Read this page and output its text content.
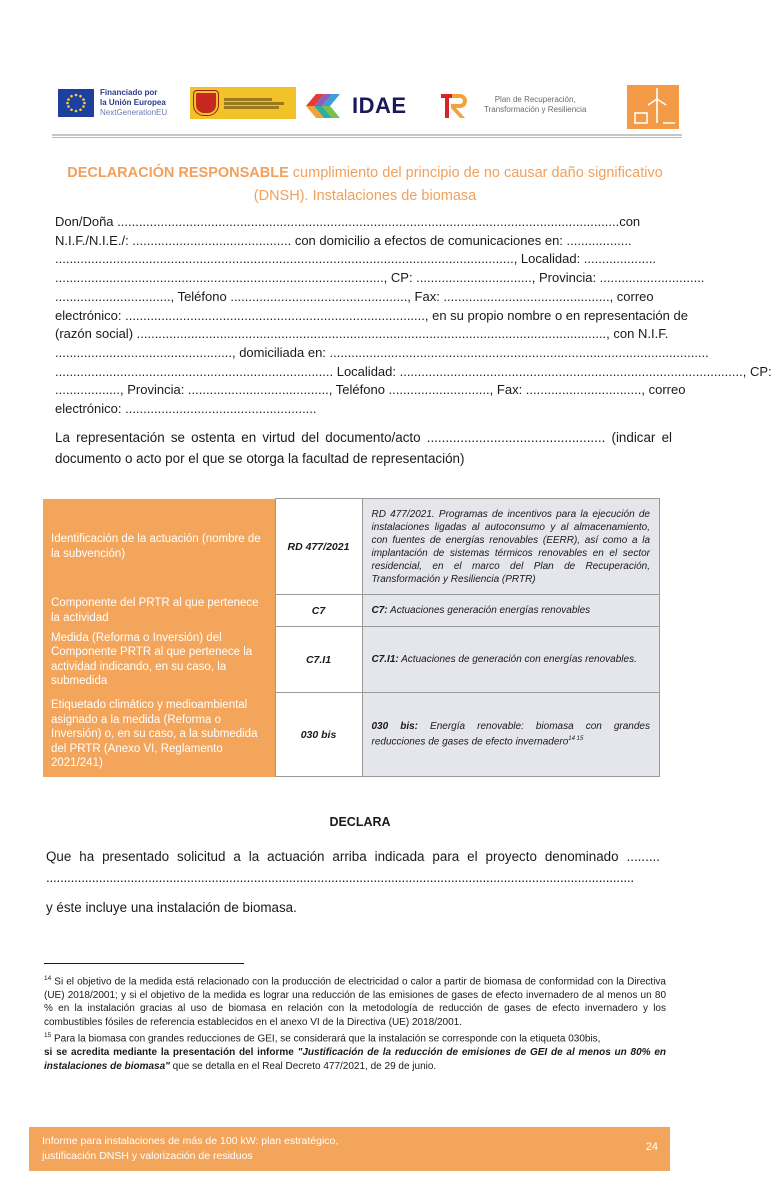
Financiado por
la Unión Europea
NextGenerationEU	IDAE	Plan de Recuperación,
Transformación y Resiliencia
DECLARACIÓN RESPONSABLE cumplimiento del principio de no causar daño significativo
(DNSH). Instalaciones de biomasa
Don/Doña ...........................................................................................................................................con
N.I.F./N.I.E./: ............................................ con domicilio a efectos de comunicaciones en: ..................
..............................................................................................................................., Localidad: ....................
..........................................................................................., CP: ................................, Provincia: .............................
................................, Teléfono ................................................., Fax: .............................................., correo
electrónico: ..................................................................................., en su propio nombre o en representación de
(razón social) .................................................................................................................................., con N.I.F.
................................................., domiciliada en: .........................................................................................................
............................................................................. Localidad: ..............................................................................................., CP:
.................., Provincia: ......................................., Teléfono ............................, Fax: ................................, correo
electrónico: .....................................................
La representación se ostenta en virtud del documento/acto ................................................ (indicar el documento o acto por el que se otorga la facultad de representación)
Identificación de la actuación (nombre de la subvención)	RD 477/2021	RD 477/2021. Programas de incentivos para la ejecución de instalaciones ligadas al autoconsumo y al almacenamiento, con fuentes de energías renovables (EERR), así como a la implantación de sistemas térmicos renovables en el sector residencial, en el marco del Plan de Recuperación, Transformación y Resiliencia (PRTR)
Componente del PRTR al que pertenece la actividad	C7	C7: Actuaciones generación energías renovables
Medida (Reforma o Inversión) del Componente PRTR al que pertenece la actividad indicando, en su caso, la submedida	C7.I1	C7.I1: Actuaciones de generación con energías renovables.
Etiquetado climático y medioambiental asignado a la medida (Reforma o Inversión) o, en su caso, a la submedida del PRTR (Anexo VI, Reglamento 2021/241)	030 bis	030 bis: Energía renovable: biomasa con grandes reducciones de gases de efecto invernadero$^{14 15}$
DECLARA
Que ha presentado solicitud a la actuación arriba indicada para el proyecto denominado .........
.......................................................................................................................................................................
y éste incluye una instalación de biomasa.

$^{14}$ Si el objetivo de la medida está relacionado con la producción de electricidad o calor a partir de biomasa de conformidad con la Directiva (UE) 2018/2001; y si el objetivo de la medida es lograr una reducción de las emisiones de gases de efecto invernadero de al menos un 80 % en la instalación gracias al uso de biomasa en relación con la metodología de reducción de gases de efecto invernadero y los combustibles fósiles de referencia establecidos en el anexo VI de la Directiva (UE) 2018/2001.

$^{15}$ Para la biomasa con grandes reducciones de GEI, se considerará que la instalación se corresponde con la etiqueta 030bis,
si se acredita mediante la presentación del informe "Justificación de la reducción de emisiones de GEI de al menos un 80% en instalaciones de biomasa" que se detalla en el Real Decreto 477/2021, de 29 de junio.

Informe para instalaciones de más de 100 kW: plan estratégico,
justificación DNSH y valorización de residuos
24
